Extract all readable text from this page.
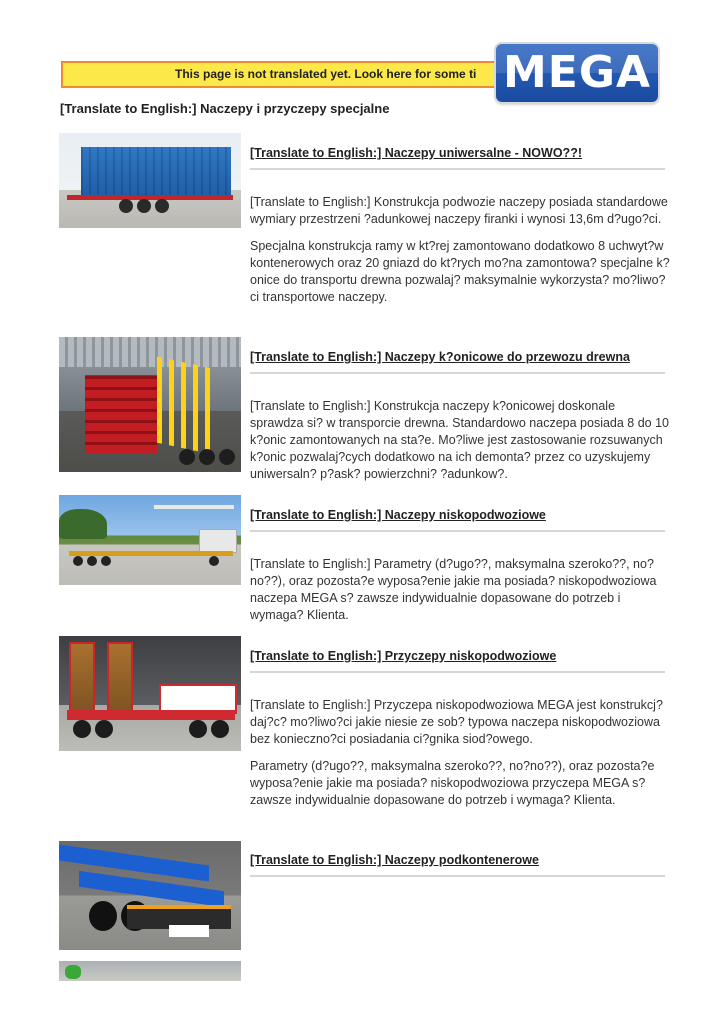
This page is not translated yet. Look here for some ti MEGA
[Translate to English:] Naczepy i przyczepy specjalne
[Translate to English:] Naczepy uniwersalne - NOWO??!

[Translate to English:] Konstrukcja podwozie naczepy posiada standardowe wymiary przestrzeni ?adunkowej naczepy firanki i wynosi 13,6m d?ugo?ci.

Specjalna konstrukcja ramy w kt?rej zamontowano dodatkowo 8 uchwyt?w kontenerowych oraz 20 gniazd do kt?rych mo?na zamontowa? specjalne k?onice do transportu drewna pozwalaj? maksymalnie wykorzysta? mo?liwo?ci transportowe naczepy.

[Translate to English:] Naczepy k?onicowe do przewozu drewna

[Translate to English:] Konstrukcja naczepy k?onicowej doskonale sprawdza si? w transporcie drewna. Standardowo naczepa posiada 8 do 10 k?onic zamontowanych na sta?e. Mo?liwe jest zastosowanie rozsuwanych k?onic pozwalaj?cych dodatkowo na ich demonta? przez co uzyskujemy uniwersaln? p?ask? powierzchni? ?adunkow?.

[Translate to English:] Naczepy niskopodwoziowe

[Translate to English:] Parametry (d?ugo??, maksymalna szeroko??, no?no??), oraz pozosta?e wyposa?enie jakie ma posiada? niskopodwoziowa naczepa MEGA s? zawsze indywidualnie dopasowane do potrzeb i wymaga? Klienta.

[Translate to English:] Przyczepy niskopodwoziowe

[Translate to English:] Przyczepa niskopodwoziowa MEGA jest konstrukcj? daj?c? mo?liwo?ci jakie niesie ze sob? typowa naczepa niskopodwoziowa bez konieczno?ci posiadania ci?gnika siod?owego.

Parametry (d?ugo??, maksymalna szeroko??, no?no??), oraz pozosta?e wyposa?enie jakie ma posiada? niskopodwoziowa przyczepa MEGA s? zawsze indywidualnie dopasowane do potrzeb i wymaga? Klienta.

[Translate to English:] Naczepy podkontenerowe
